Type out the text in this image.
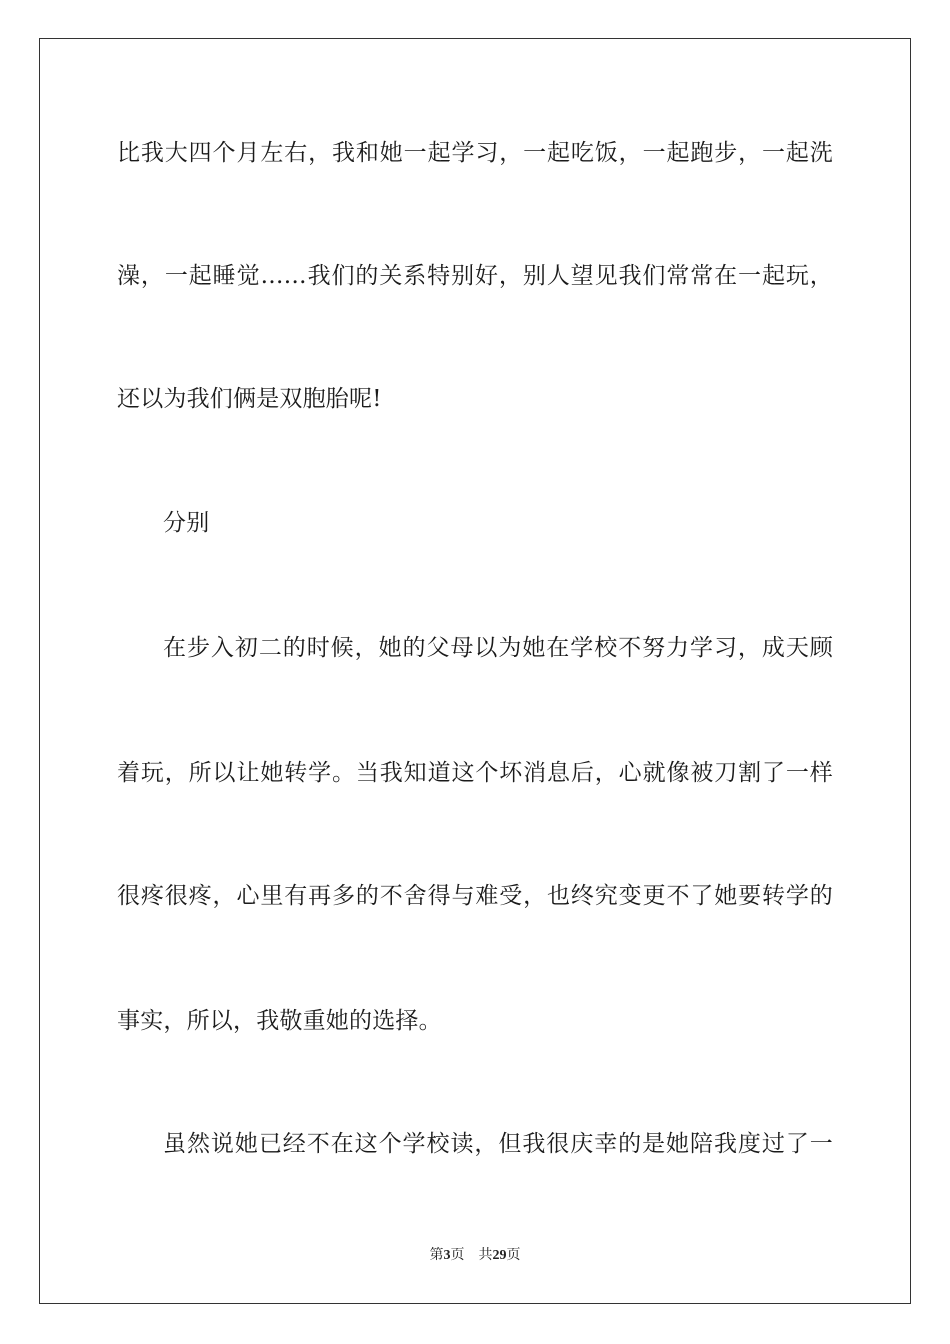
比我大四个月左右，我和她一起学习，一起吃饭，一起跑步，一起洗
澡，一起睡觉……我们的关系特别好，别人望见我们常常在一起玩，
还以为我们俩是双胞胎呢!
分别
在步入初二的时候，她的父母以为她在学校不努力学习，成天顾
着玩，所以让她转学。当我知道这个坏消息后，心就像被刀割了一样
很疼很疼，心里有再多的不舍得与难受，也终究变更不了她要转学的
事实，所以，我敬重她的选择。
虽然说她已经不在这个学校读，但我很庆幸的是她陪我度过了一
第3页 共29页
